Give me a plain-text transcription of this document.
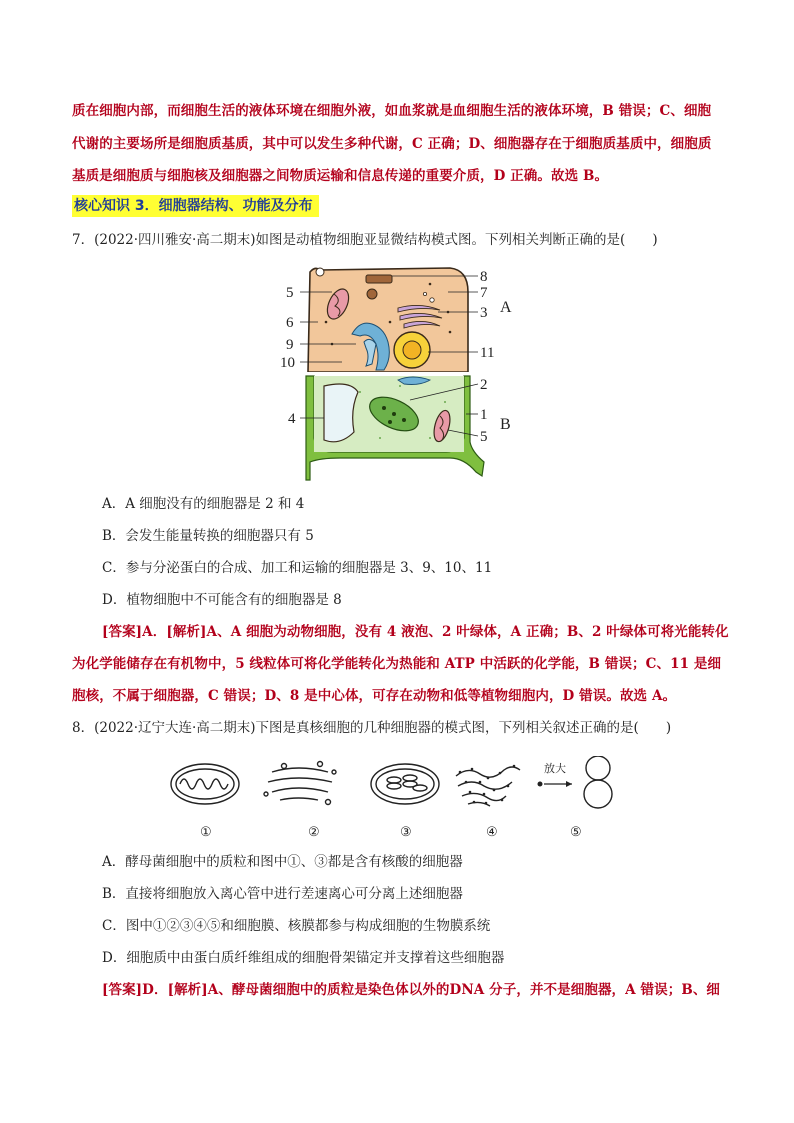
质在细胞内部，而细胞生活的液体环境在细胞外液，如血浆就是血细胞生活的液体环境，B 错误；C、细胞
代谢的主要场所是细胞质基质，其中可以发生多种代谢，C 正确；D、细胞器存在于细胞质基质中，细胞质
基质是细胞质与细胞核及细胞器之间物质运输和信息传递的重要介质，D 正确。故选 B。
核心知识 3．细胞器结构、功能及分布
7．(2022·四川雅安·高二期末)如图是动植物细胞亚显微结构模式图。下列相关判断正确的是(　　)
5
6
9
10
8
7
3
11
2
1
5
4
A
B
A．A 细胞没有的细胞器是 2 和 4
B．会发生能量转换的细胞器只有 5
C．参与分泌蛋白的合成、加工和运输的细胞器是 3、9、10、11
D．植物细胞中不可能含有的细胞器是 8
[答案]A．[解析]A、A 细胞为动物细胞，没有 4 液泡、2 叶绿体，A 正确；B、2 叶绿体可将光能转化
为化学能储存在有机物中，5 线粒体可将化学能转化为热能和 ATP 中活跃的化学能，B 错误；C、11 是细
胞核，不属于细胞器，C 错误；D、8 是中心体，可存在动物和低等植物细胞内，D 错误。故选 A。
8．(2022·辽宁大连·高二期末)下图是真核细胞的几种细胞器的模式图，下列相关叙述正确的是(　　)
放大
①	②	③	④	⑤
A．酵母菌细胞中的质粒和图中①、③都是含有核酸的细胞器
B．直接将细胞放入离心管中进行差速离心可分离上述细胞器
C．图中①②③④⑤和细胞膜、核膜都参与构成细胞的生物膜系统
D．细胞质中由蛋白质纤维组成的细胞骨架锚定并支撑着这些细胞器
[答案]D．[解析]A、酵母菌细胞中的质粒是染色体以外的DNA 分子，并不是细胞器，A 错误；B、细
